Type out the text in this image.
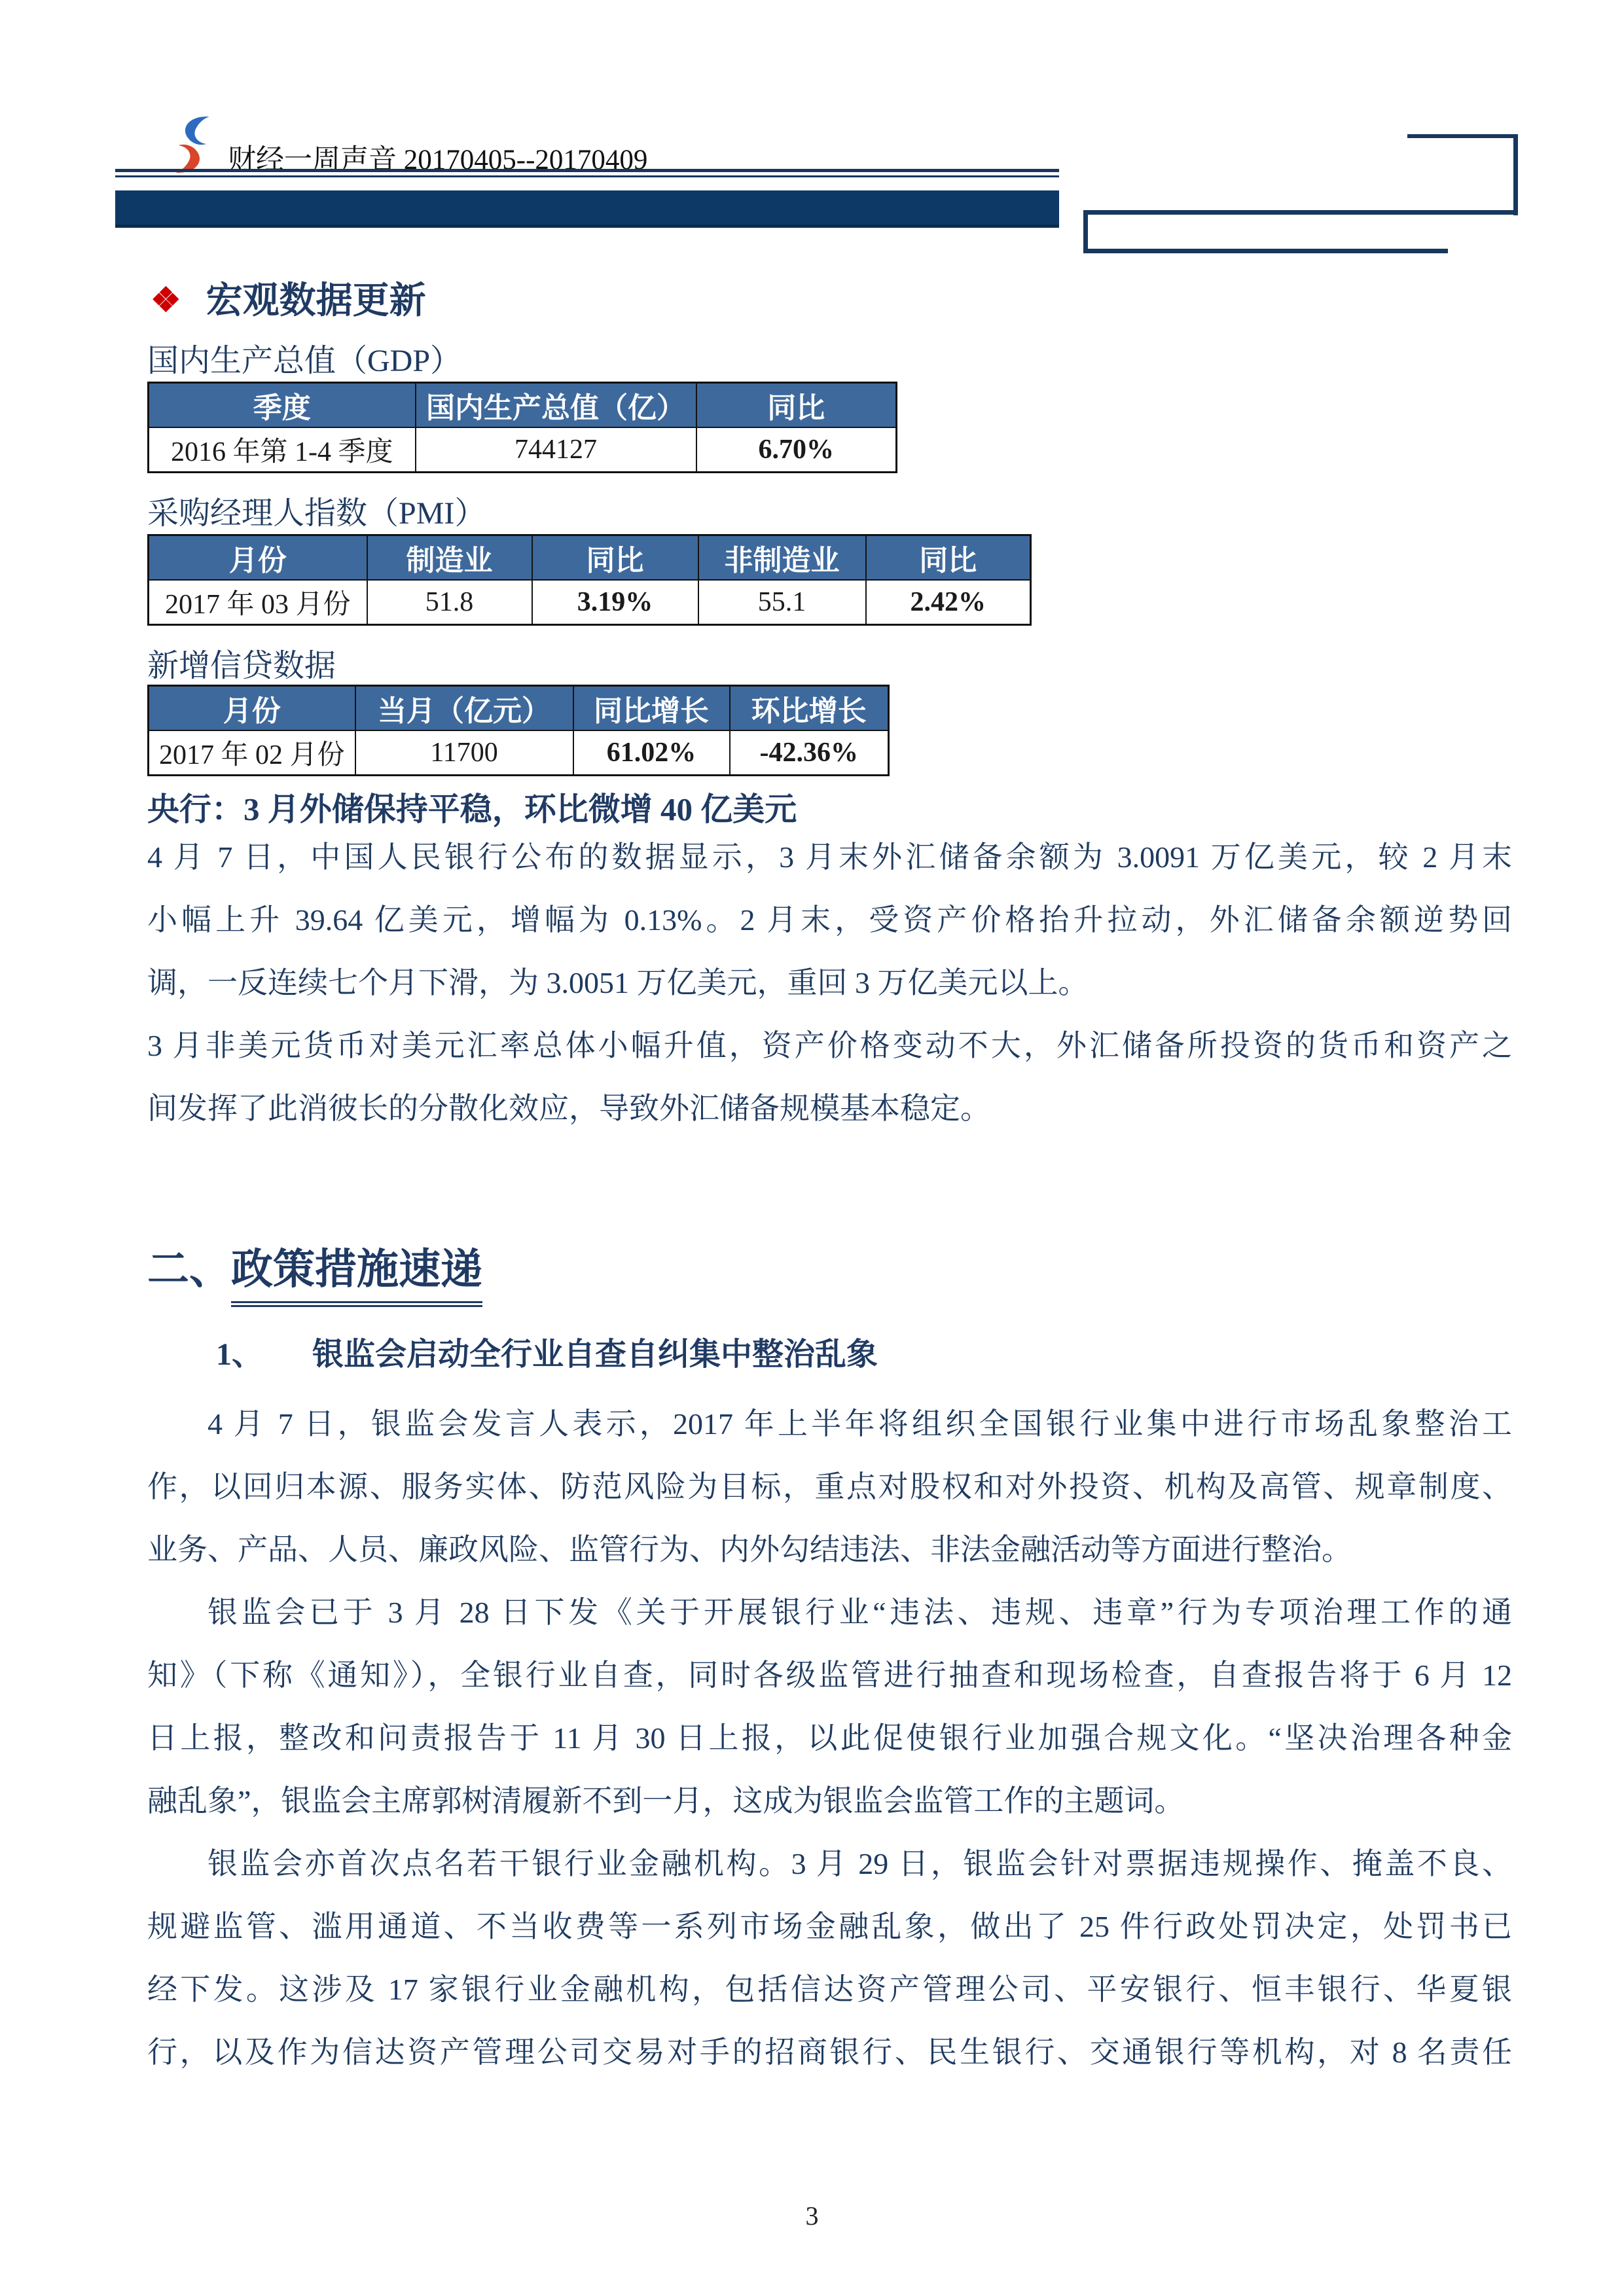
财经一周声音 20170405--20170409
❖ 宏观数据更新
国内生产总值（GDP）
季度	国内生产总值（亿）	同比
2016 年第 1-4 季度	744127	6.70%
采购经理人指数（PMI）
月份	制造业	同比	非制造业	同比
2017 年 03 月份	51.8	3.19%	55.1	2.42%
新增信贷数据
月份	当月（亿元）	同比增长	环比增长
2017 年 02 月份	11700	61.02%	-42.36%
央行：3 月外储保持平稳，环比微增 40 亿美元
4 月 7 日，中国人民银行公布的数据显示，3 月末外汇储备余额为 3.0091 万亿美元，较 2 月末
小幅上升 39.64 亿美元，增幅为 0.13%。2 月末，受资产价格抬升拉动，外汇储备余额逆势回
调，一反连续七个月下滑，为 3.0051 万亿美元，重回 3 万亿美元以上。
3 月非美元货币对美元汇率总体小幅升值，资产价格变动不大，外汇储备所投资的货币和资产之
间发挥了此消彼长的分散化效应，导致外汇储备规模基本稳定。
二、政策措施速递
1、 银监会启动全行业自查自纠集中整治乱象
4 月 7 日，银监会发言人表示，2017 年上半年将组织全国银行业集中进行市场乱象整治工
作，以回归本源、服务实体、防范风险为目标，重点对股权和对外投资、机构及高管、规章制度、
业务、产品、人员、廉政风险、监管行为、内外勾结违法、非法金融活动等方面进行整治。
银监会已于 3 月 28 日下发《关于开展银行业“违法、违规、违章”行为专项治理工作的通
知》（下称《通知》），全银行业自查，同时各级监管进行抽查和现场检查，自查报告将于 6 月 12
日上报，整改和问责报告于 11 月 30 日上报，以此促使银行业加强合规文化。“坚决治理各种金
融乱象”，银监会主席郭树清履新不到一月，这成为银监会监管工作的主题词。
银监会亦首次点名若干银行业金融机构。3 月 29 日，银监会针对票据违规操作、掩盖不良、
规避监管、滥用通道、不当收费等一系列市场金融乱象，做出了 25 件行政处罚决定，处罚书已
经下发。这涉及 17 家银行业金融机构，包括信达资产管理公司、平安银行、恒丰银行、华夏银
行，以及作为信达资产管理公司交易对手的招商银行、民生银行、交通银行等机构，对 8 名责任
3
